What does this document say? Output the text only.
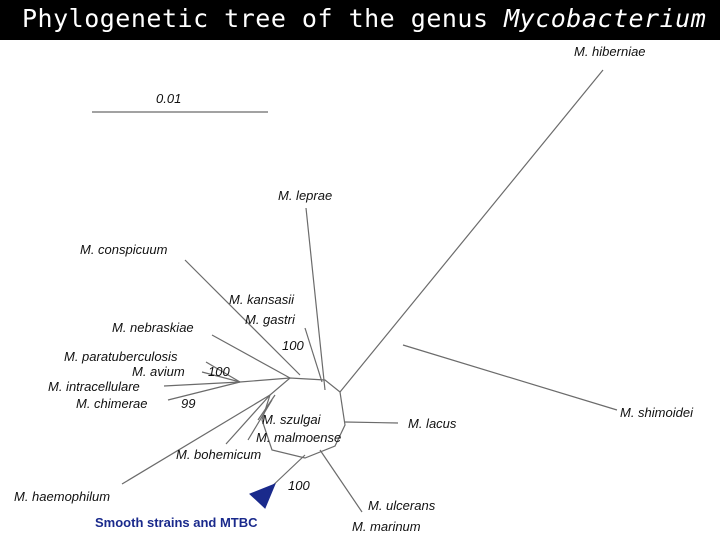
Phylogenetic tree of the genus Mycobacterium
0.01
M. hiberniae
M. leprae
M. conspicuum
M. kansasii
M. gastri
100
M. nebraskiae
M. paratuberculosis
M. avium 100
M. intracellulare
M. chimerae	99
M. szulgai
M. malmoense
M. lacus
M. shimoidei
M. bohemicum
100
M. haemophilum
M. ulcerans
M. marinum
Smooth strains and MTBC
